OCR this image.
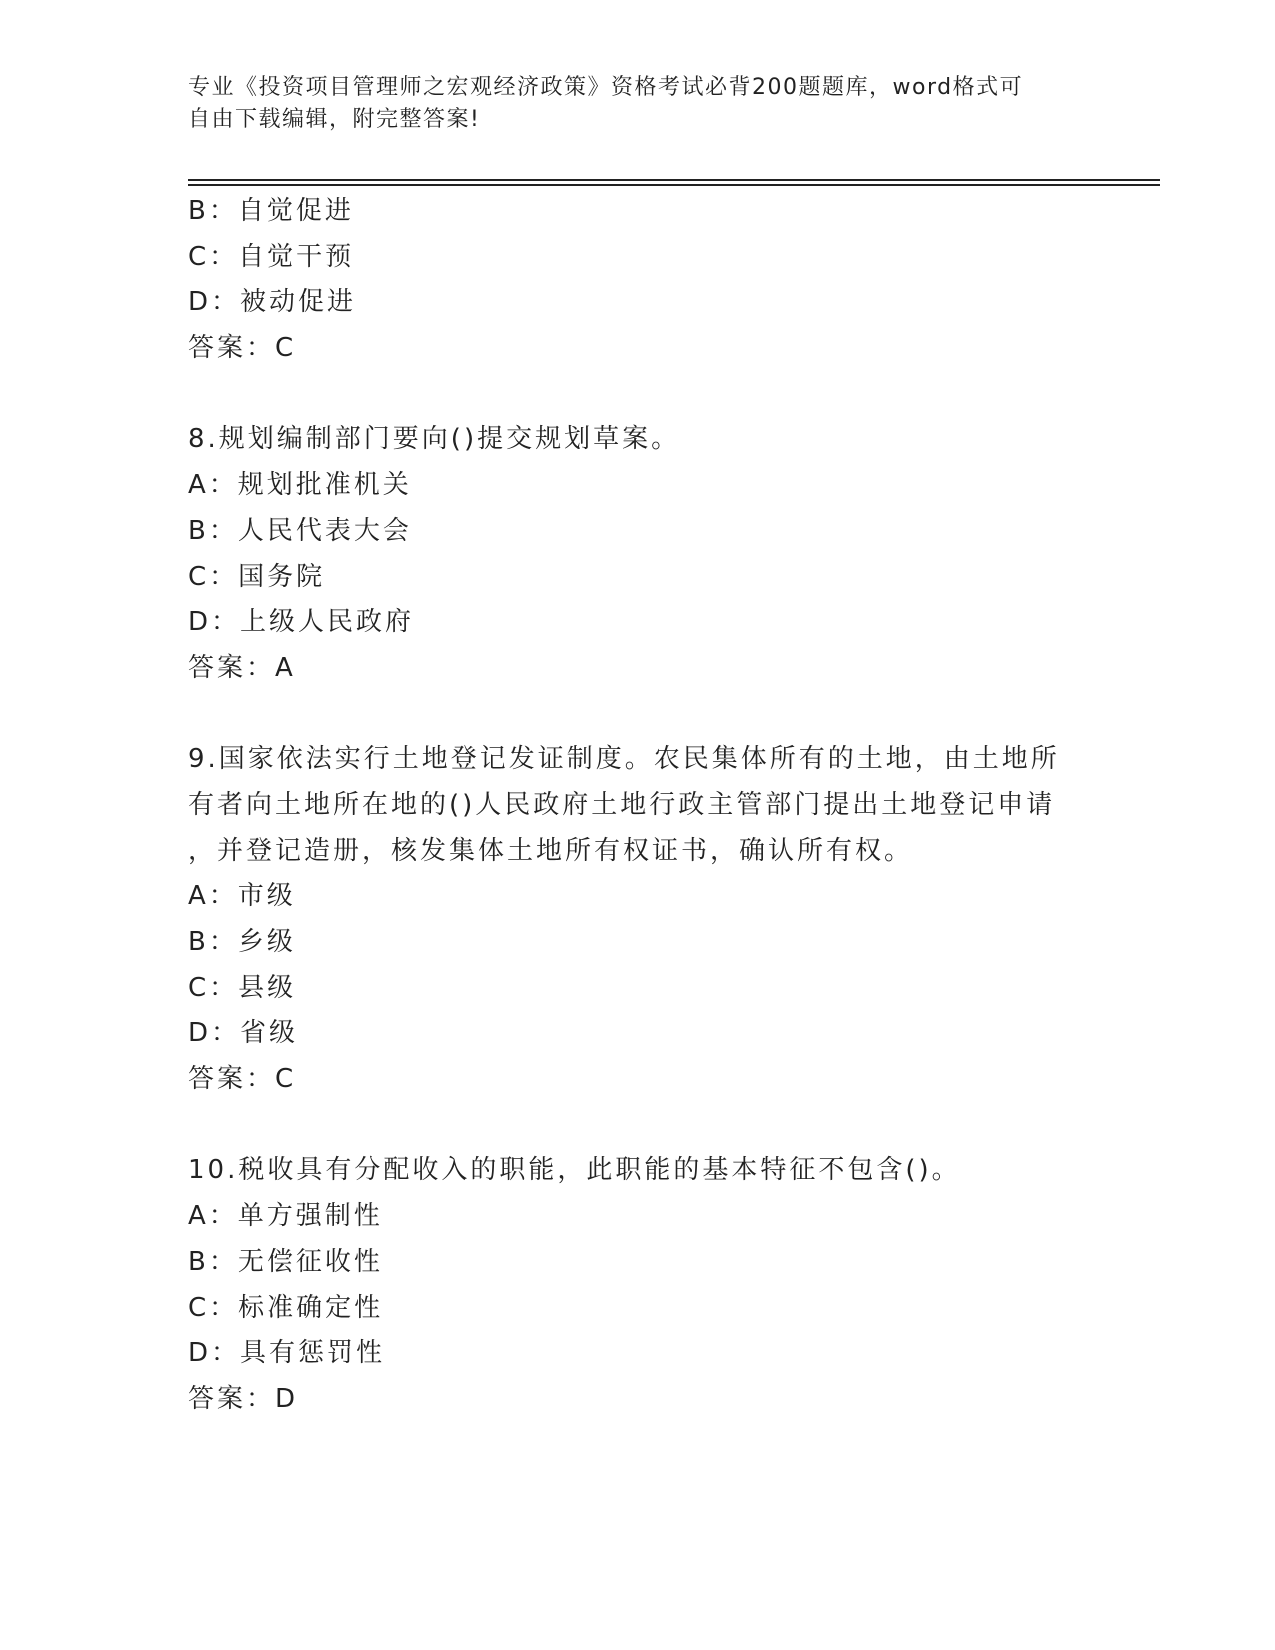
专业《投资项目管理师之宏观经济政策》资格考试必背200题题库，word格式可
自由下载编辑，附完整答案!
B：自觉促进
C：自觉干预
D：被动促进
答案：C
8.规划编制部门要向()提交规划草案。
A：规划批准机关
B：人民代表大会
C：国务院
D：上级人民政府
答案：A
9.国家依法实行土地登记发证制度。农民集体所有的土地，由土地所
有者向土地所在地的()人民政府土地行政主管部门提出土地登记申请
，并登记造册，核发集体土地所有权证书，确认所有权。
A：市级
B：乡级
C：县级
D：省级
答案：C
10.税收具有分配收入的职能，此职能的基本特征不包含()。
A：单方强制性
B：无偿征收性
C：标准确定性
D：具有惩罚性
答案：D
